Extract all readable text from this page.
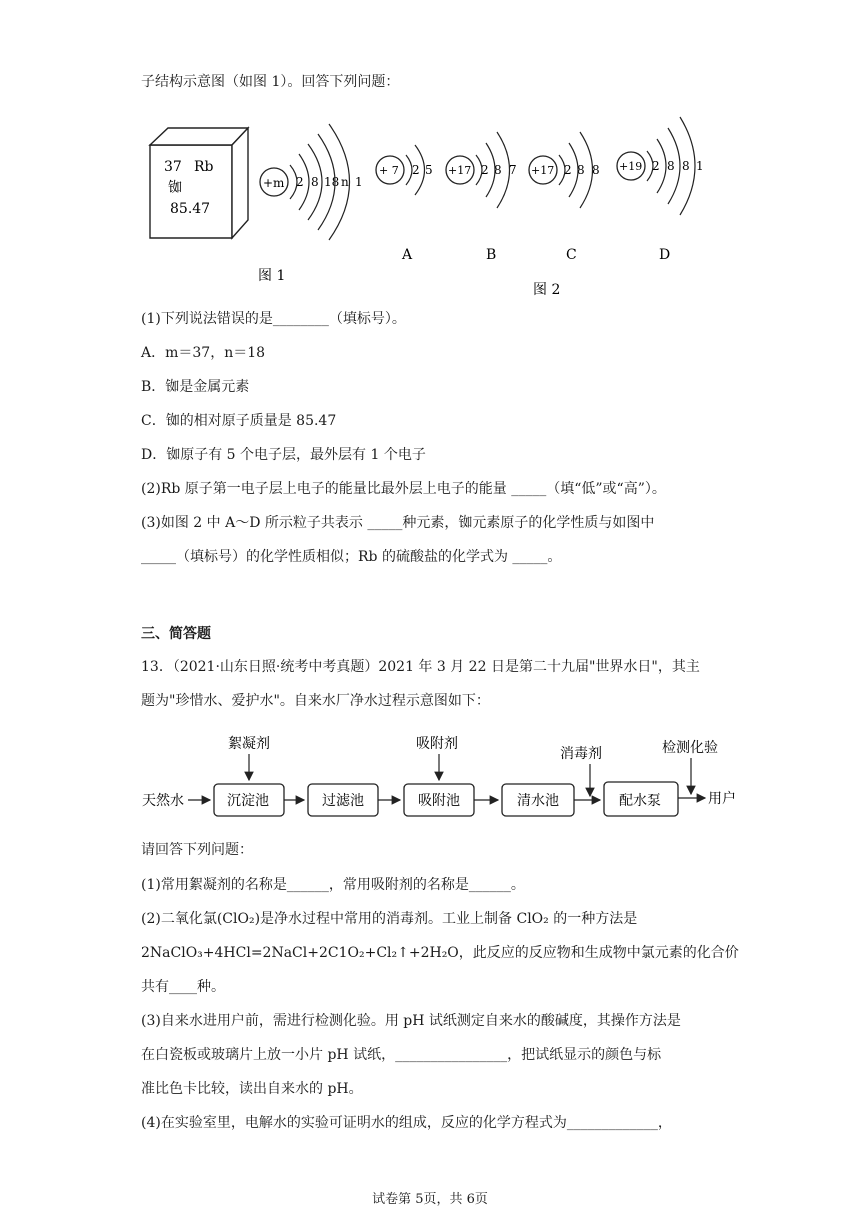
子结构示意图（如图 1）。回答下列问题：
37 Rb
铷
85.47
+m 2 8 18 n 1
图 1
+ 7 2 5
A
+17 2 8 7
B
+17 2 8 8
C
+19 2 8 8 1
D
图 2
(1)下列说法错误的是________（填标号）。
A．m＝37，n＝18
B．铷是金属元素
C．铷的相对原子质量是 85.47
D．铷原子有 5 个电子层，最外层有 1 个电子
(2)Rb 原子第一电子层上电子的能量比最外层上电子的能量 _____（填“低”或“高”）。
(3)如图 2 中 A～D 所示粒子共表示 _____种元素，铷元素原子的化学性质与如图中
_____（填标号）的化学性质相似；Rb 的硫酸盐的化学式为 _____。
三、简答题
13．（2021·山东日照·统考中考真题）2021 年 3 月 22 日是第二十九届"世界水日"，其主
题为"珍惜水、爱护水"。自来水厂净水过程示意图如下：
天然水	沉淀池	过滤池	吸附池	清水池	配水泵	用户
絮凝剂	吸附剂
消毒剂	检测化验
请回答下列问题：
(1)常用絮凝剂的名称是______，常用吸附剂的名称是______。
(2)二氧化氯(ClO₂)是净水过程中常用的消毒剂。工业上制备 ClO₂ 的一种方法是
2NaClO₃+4HCl=2NaCl+2C1O₂+Cl₂↑+2H₂O，此反应的反应物和生成物中氯元素的化合价
共有____种。
(3)自来水进用户前，需进行检测化验。用 pH 试纸测定自来水的酸碱度，其操作方法是
在白瓷板或玻璃片上放一小片 pH 试纸，________________，把试纸显示的颜色与标
准比色卡比较，读出自来水的 pH。
(4)在实验室里，电解水的实验可证明水的组成，反应的化学方程式为_____________，
试卷第 5页，共 6页
